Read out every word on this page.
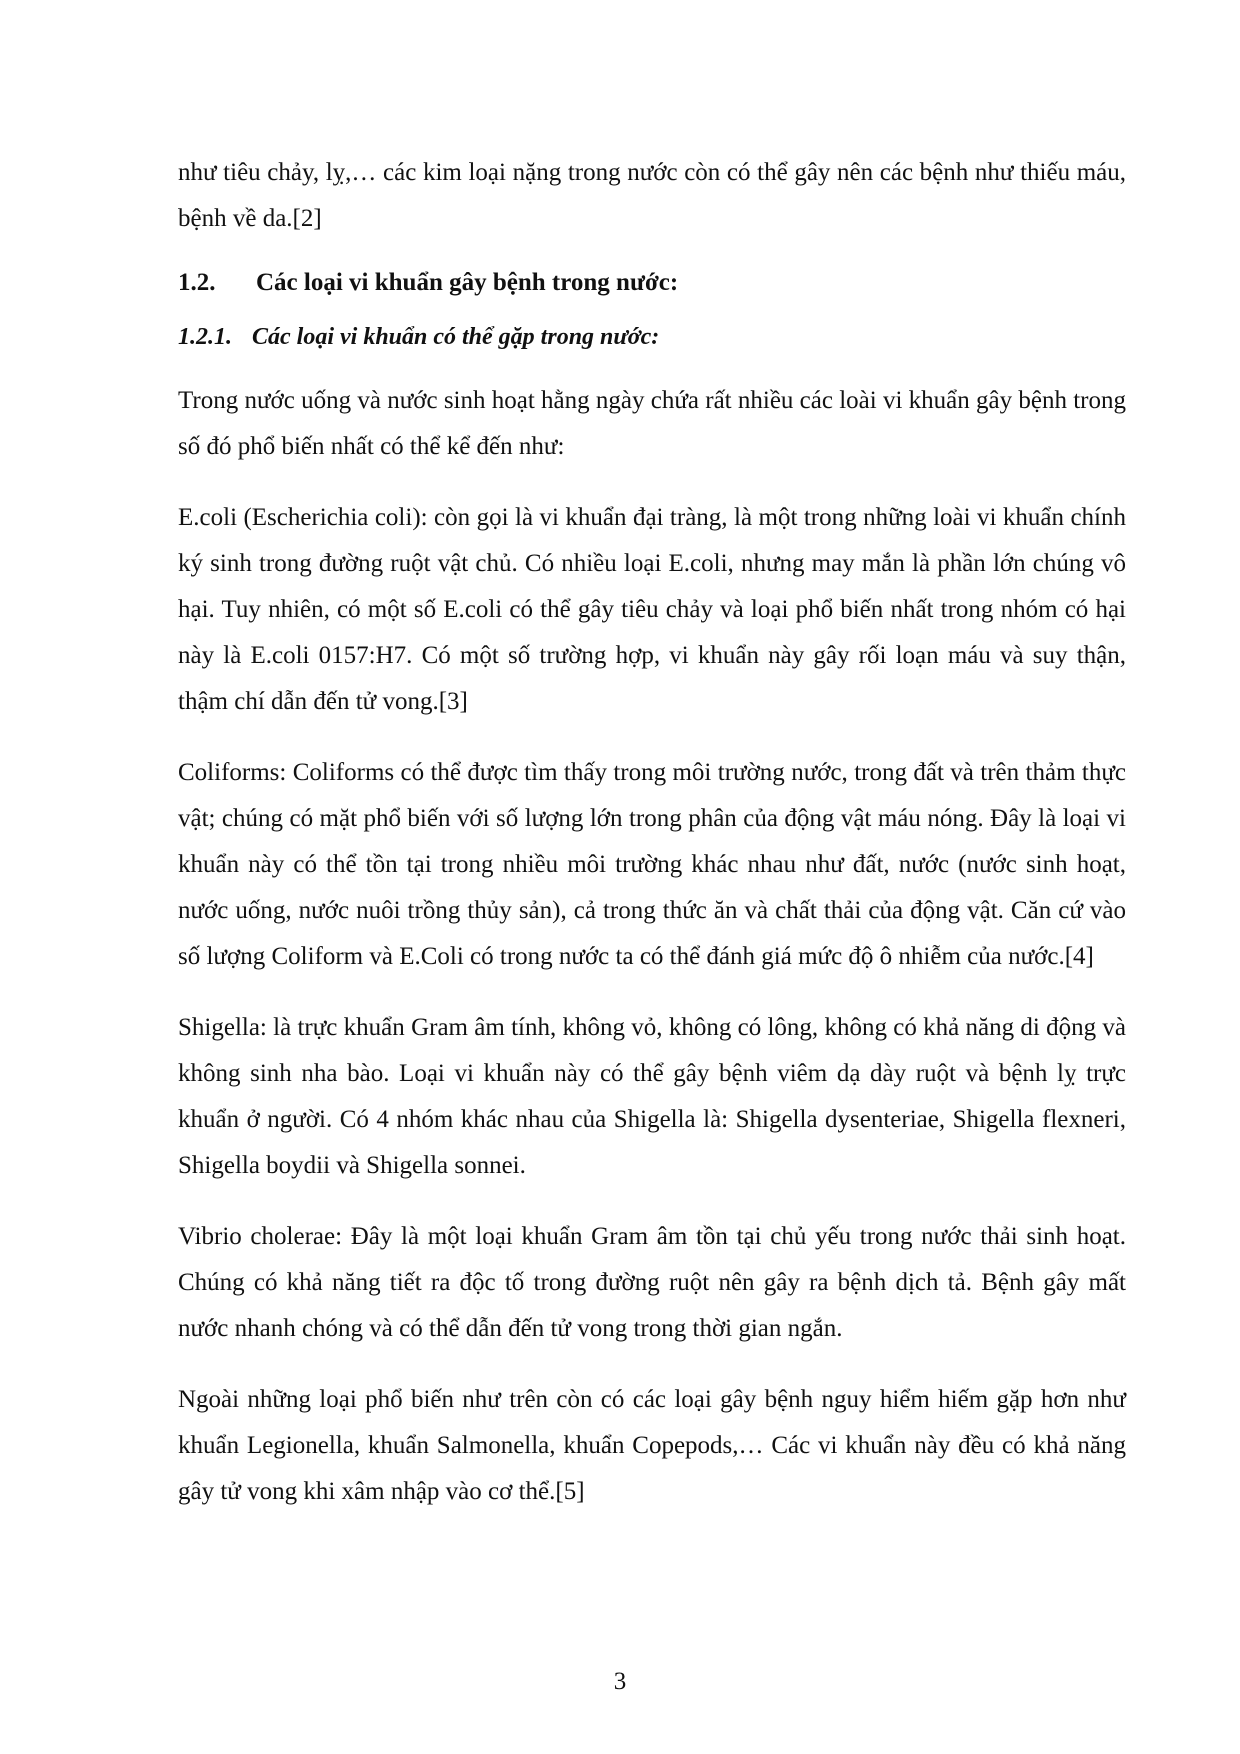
như tiêu chảy, lỵ,… các kim loại nặng trong nước còn có thể gây nên các bệnh như thiếu máu, bệnh về da.[2]

1.2. Các loại vi khuẩn gây bệnh trong nước:
1.2.1. Các loại vi khuẩn có thể gặp trong nước:

Trong nước uống và nước sinh hoạt hằng ngày chứa rất nhiều các loài vi khuẩn gây bệnh trong số đó phổ biến nhất có thể kể đến như:

E.coli (Escherichia coli): còn gọi là vi khuẩn đại tràng, là một trong những loài vi khuẩn chính ký sinh trong đường ruột vật chủ. Có nhiều loại E.coli, nhưng may mắn là phần lớn chúng vô hại. Tuy nhiên, có một số E.coli có thể gây tiêu chảy và loại phổ biến nhất trong nhóm có hại này là E.coli 0157:H7. Có một số trường hợp, vi khuẩn này gây rối loạn máu và suy thận, thậm chí dẫn đến tử vong.[3]

Coliforms: Coliforms có thể được tìm thấy trong môi trường nước, trong đất và trên thảm thực vật; chúng có mặt phổ biến với số lượng lớn trong phân của động vật máu nóng. Đây là loại vi khuẩn này có thể tồn tại trong nhiều môi trường khác nhau như đất, nước (nước sinh hoạt, nước uống, nước nuôi trồng thủy sản), cả trong thức ăn và chất thải của động vật. Căn cứ vào số lượng Coliform và E.Coli có trong nước ta có thể đánh giá mức độ ô nhiễm của nước.[4]

Shigella: là trực khuẩn Gram âm tính, không vỏ, không có lông, không có khả năng di động và không sinh nha bào. Loại vi khuẩn này có thể gây bệnh viêm dạ dày ruột và bệnh lỵ trực khuẩn ở người. Có 4 nhóm khác nhau của Shigella là: Shigella dysenteriae, Shigella flexneri, Shigella boydii và Shigella sonnei.

Vibrio cholerae: Đây là một loại khuẩn Gram âm tồn tại chủ yếu trong nước thải sinh hoạt. Chúng có khả năng tiết ra độc tố trong đường ruột nên gây ra bệnh dịch tả. Bệnh gây mất nước nhanh chóng và có thể dẫn đến tử vong trong thời gian ngắn.

Ngoài những loại phổ biến như trên còn có các loại gây bệnh nguy hiểm hiếm gặp hơn như khuẩn Legionella, khuẩn Salmonella, khuẩn Copepods,… Các vi khuẩn này đều có khả năng gây tử vong khi xâm nhập vào cơ thể.[5]

3
